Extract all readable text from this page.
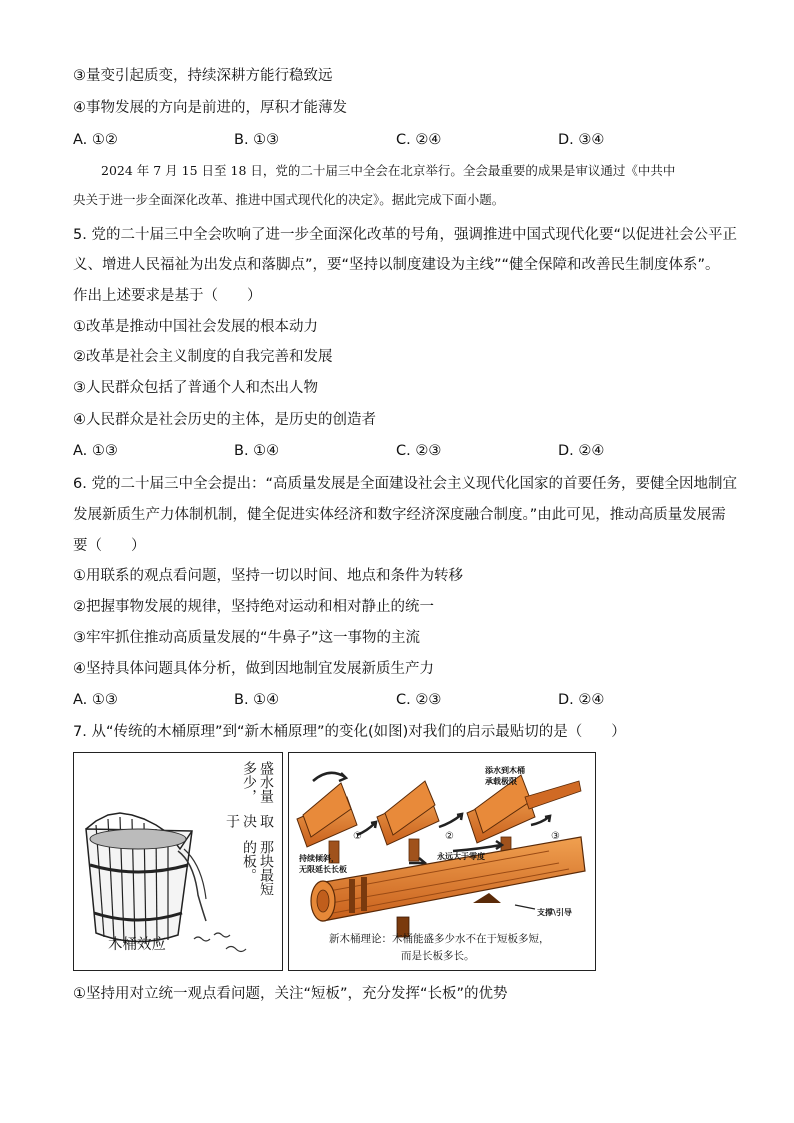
③量变引起质变，持续深耕方能行稳致远
④事物发展的方向是前进的，厚积才能薄发
A. ①②	B. ①③	C. ②④	D. ③④
2024 年 7 月 15 日至 18 日，党的二十届三中全会在北京举行。全会最重要的成果是审议通过《中共中
央关于进一步全面深化改革、推进中国式现代化的决定》。据此完成下面小题。
5. 党的二十届三中全会吹响了进一步全面深化改革的号角，强调推进中国式现代化要“以促进社会公平正
义、增进人民福祉为出发点和落脚点”，要“坚持以制度建设为主线”“健全保障和改善民生制度体系”。
作出上述要求是基于（　　）
①改革是推动中国社会发展的根本动力
②改革是社会主义制度的自我完善和发展
③人民群众包括了普通个人和杰出人物
④人民群众是社会历史的主体，是历史的创造者
A. ①③	B. ①④	C. ②③	D. ②④
6. 党的二十届三中全会提出：“高质量发展是全面建设社会主义现代化国家的首要任务，要健全因地制宜
发展新质生产力体制机制，健全促进实体经济和数字经济深度融合制度。”由此可见，推动高质量发展需
要（　　）
①用联系的观点看问题，坚持一切以时间、地点和条件为转移
②把握事物发展的规律，坚持绝对运动和相对静止的统一
③牢牢抓住推动高质量发展的“牛鼻子”这一事物的主流
④坚持具体问题具体分析，做到因地制宜发展新质生产力
A. ①③	B. ①④	C. ②③	D. ②④
7. 从“传统的木桶原理”到“新木桶原理”的变化(如图)对我们的启示最贴切的是（　　）
盛水量多少，
取决于
那块最短的板。
木桶效应
①	②	③
添水到木桶
承载极限
持续倾斜，
无限延长长板
永远大于零度
支撑\引导
新木桶理论：木桶能盛多少水不在于短板多短，
而是长板多长。
①坚持用对立统一观点看问题，关注“短板”，充分发挥“长板”的优势
